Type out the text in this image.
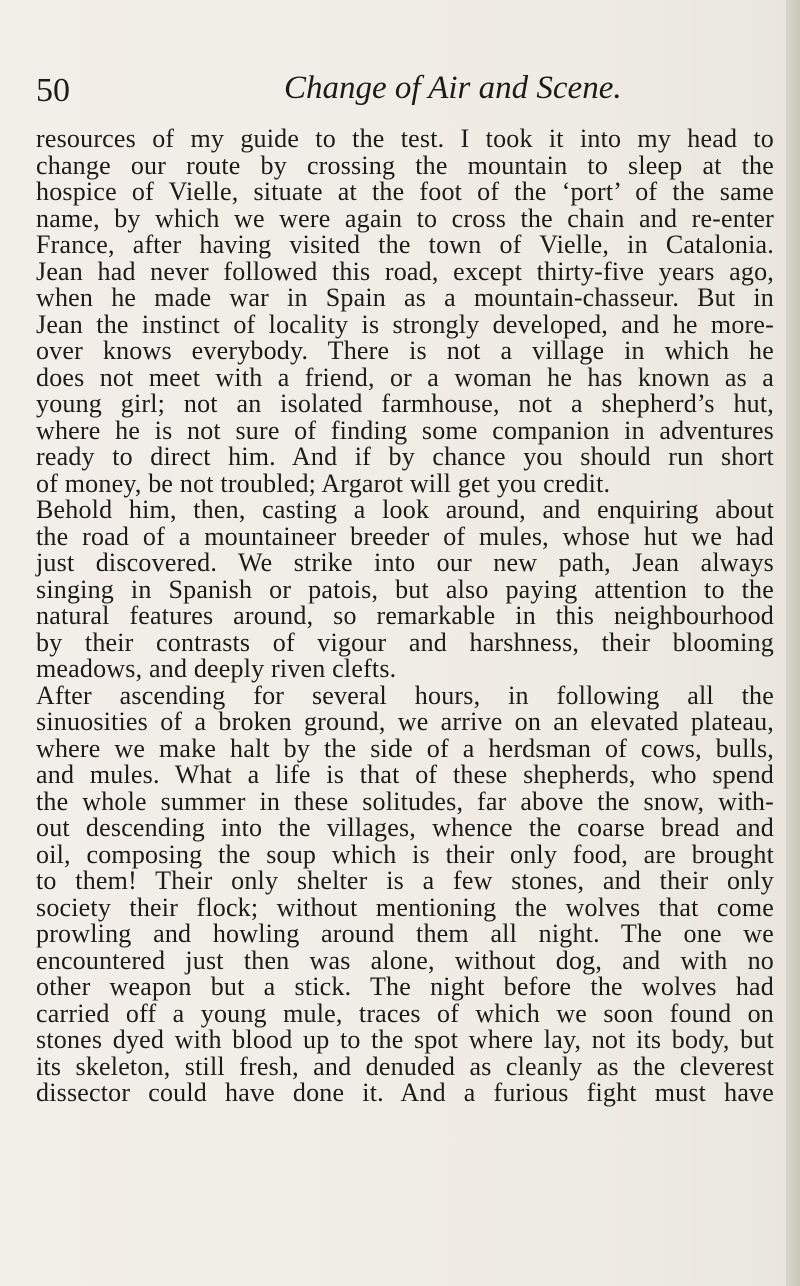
50	Change of Air and Scene.
resources of my guide to the test. I took it into my head to
change our route by crossing the mountain to sleep at the
hospice of Vielle, situate at the foot of the ‘port’ of the same
name, by which we were again to cross the chain and re-enter
France, after having visited the town of Vielle, in Catalonia.
Jean had never followed this road, except thirty-five years ago,
when he made war in Spain as a mountain-chasseur. But in
Jean the instinct of locality is strongly developed, and he more-
over knows everybody. There is not a village in which he
does not meet with a friend, or a woman he has known as a
young girl; not an isolated farmhouse, not a shepherd’s hut,
where he is not sure of finding some companion in adventures
ready to direct him. And if by chance you should run short
of money, be not troubled; Argarot will get you credit.
Behold him, then, casting a look around, and enquiring about
the road of a mountaineer breeder of mules, whose hut we had
just discovered. We strike into our new path, Jean always
singing in Spanish or patois, but also paying attention to the
natural features around, so remarkable in this neighbourhood
by their contrasts of vigour and harshness, their blooming
meadows, and deeply riven clefts.
After ascending for several hours, in following all the
sinuosities of a broken ground, we arrive on an elevated plateau,
where we make halt by the side of a herdsman of cows, bulls,
and mules. What a life is that of these shepherds, who spend
the whole summer in these solitudes, far above the snow, with-
out descending into the villages, whence the coarse bread and
oil, composing the soup which is their only food, are brought
to them! Their only shelter is a few stones, and their only
society their flock; without mentioning the wolves that come
prowling and howling around them all night. The one we
encountered just then was alone, without dog, and with no
other weapon but a stick. The night before the wolves had
carried off a young mule, traces of which we soon found on
stones dyed with blood up to the spot where lay, not its body, but
its skeleton, still fresh, and denuded as cleanly as the cleverest
dissector could have done it. And a furious fight must have
